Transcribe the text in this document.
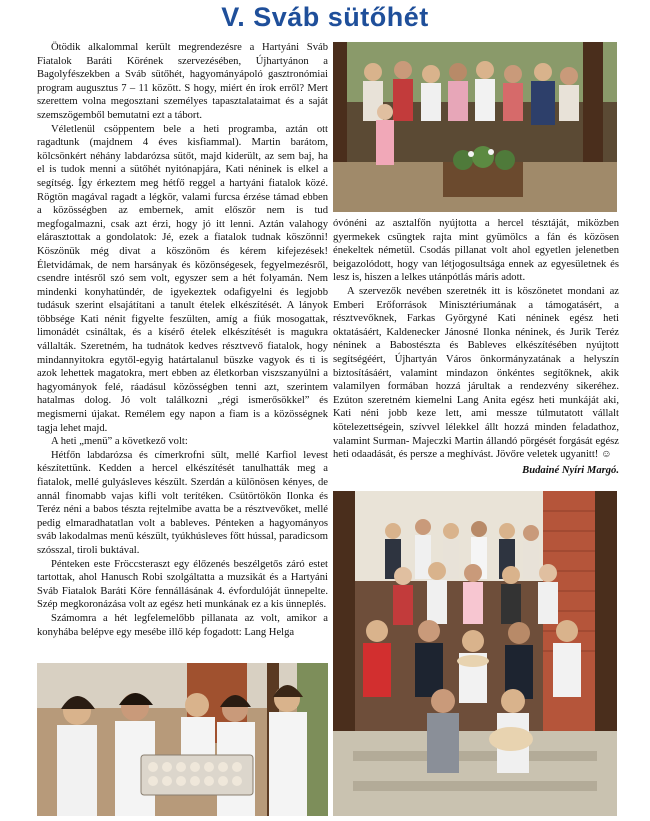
V. Sváb sütőhét

Ötödik alkalommal került megrendezésre a Hartyáni Sváb Fiatalok Baráti Körének szervezésében, Újhartyánon a Bagolyfészekben a Sváb sütőhét, hagyományápoló gasztronómiai program augusztus 7 – 11 között. S hogy, miért én írok erről? Mert szerettem volna megosztani személyes tapasztalataimat és a saját szemszögemből bemutatni ezt a tábort.

Véletlenül csöppentem bele a heti programba, aztán ott ragadtunk (majdnem 4 éves kisfiammal). Martin barátom, kölcsönkért néhány labdarózsa sütőt, majd kiderült, az sem baj, ha el is tudok menni a sütőhét nyitónapjára, Kati néninek is elkel a segítség. Így érkeztem meg hétfő reggel a hartyáni fiatalok közé. Rögtön magával ragadt a légkör, valami furcsa érzése támad ebben a közösségben az embernek, amit először nem is tud megfogalmazni, csak azt érzi, hogy jó itt lenni. Aztán valahogy elárasztottak a gondolatok: Jé, ezek a fiatalok tudnak köszönni! Köszönük még divat a köszönöm és kérem kifejezések! Életvidámak, de nem harsányak és közönségesek, fegyelmezésről, csendre intésről szó sem volt, egyszer sem a hét folyamán. Nem mindenki konyhatündér, de igyekeztek odafigyelni és legjobb tudásuk szerint elsajátítani a tanult ételek elkészítését. A lányok többsége Kati nénit figyelte feszülten, amíg a fiúk mosogattak, limonádét csináltak, és a kísérő ételek elkészítését is magukra vállalták. Szeretném, ha tudnátok kedves résztvevő fiatalok, hogy mindannyitokra egytől-egyig határtalanul büszke vagyok és ti is azok lehettek magatokra, mert ebben az életkorban viszszanyúlni a hagyományok felé, ráadásul közösségben tenni azt, szerintem hatalmas dolog. Jó volt találkozni „régi ismerősökkel” és megismerni újakat. Remélem egy napon a fiam is a közösségnek tagja lehet majd.

A heti „menü” a következő volt:

Hétfőn labdarózsa és címerkrofni sült, mellé Karfiol levest készítettünk. Kedden a hercel elkészítését tanulhatták meg a fiatalok, mellé gulyásleves készült. Szerdán a különösen kényes, de annál finomabb vajas kifli volt terítéken. Csütörtökön Ilonka és Teréz néni a babos tészta rejtelmibe avatta be a résztvevőket, mellé pedig elmaradhatatlan volt a bableves. Pénteken a hagyományos sváb lakodalmas menü készült, tyúkhúsleves főtt hússal, paradicsom szósszal, tiroli buktával.

Pénteken este Fröccsteraszt egy élőzenés beszélgetős záró estet tartottak, ahol Hanusch Robi szolgáltatta a muzsikát és a Hartyáni Sváb Fiatalok Baráti Köre fennállásának 4. évfordulóját ünnepelte. Szép megkoronázása volt az egész heti munkának ez a kis ünneplés.

Számomra a hét legfelemelőbb pillanata az volt, amikor a konyhába belépve egy mesébe illő kép fogadott: Lang Helga

óvónéni az asztalfőn nyújtotta a hercel tésztáját, miközben gyermekek csüngtek rajta mint gyümölcs a fán és közösen énekeltek németül. Csodás pillanat volt ahol egyetlen jelenetben beigazolódott, hogy van létjogosultsága ennek az egyesületnek és lesz is, hiszen a lelkes utánpótlás máris adott.

A szervezők nevében szeretnék itt is köszönetet mondani az Emberi Erőforrások Minisztériumának a támogatásért, a résztvevőknek, Farkas Györgyné Kati néninek egész heti oktatásáért, Kaldenecker Jánosné Ilonka néninek, és Jurik Teréz néninek a Babostészta és Bableves elkészítésében nyújtott segítségéért, Újhartyán Város önkormányzatának a helyszín biztosításáért, valamint mindazon önkéntes segítőknek, akik valamilyen formában hozzá járultak a rendezvény sikeréhez. Ezúton szeretném kiemelni Lang Anita egész heti munkáját aki, Kati néni jobb keze lett, ami messze túlmutatott vállalt kötelezettségein, szívvel lélekkel állt hozzá minden feladathoz, valamint Surman- Majeczki Martin állandó pörgését forgását egész heti odaadását, és persze a meghívást. Jövőre veletek ugyanitt! ☺

Budainé Nyíri Margó.
